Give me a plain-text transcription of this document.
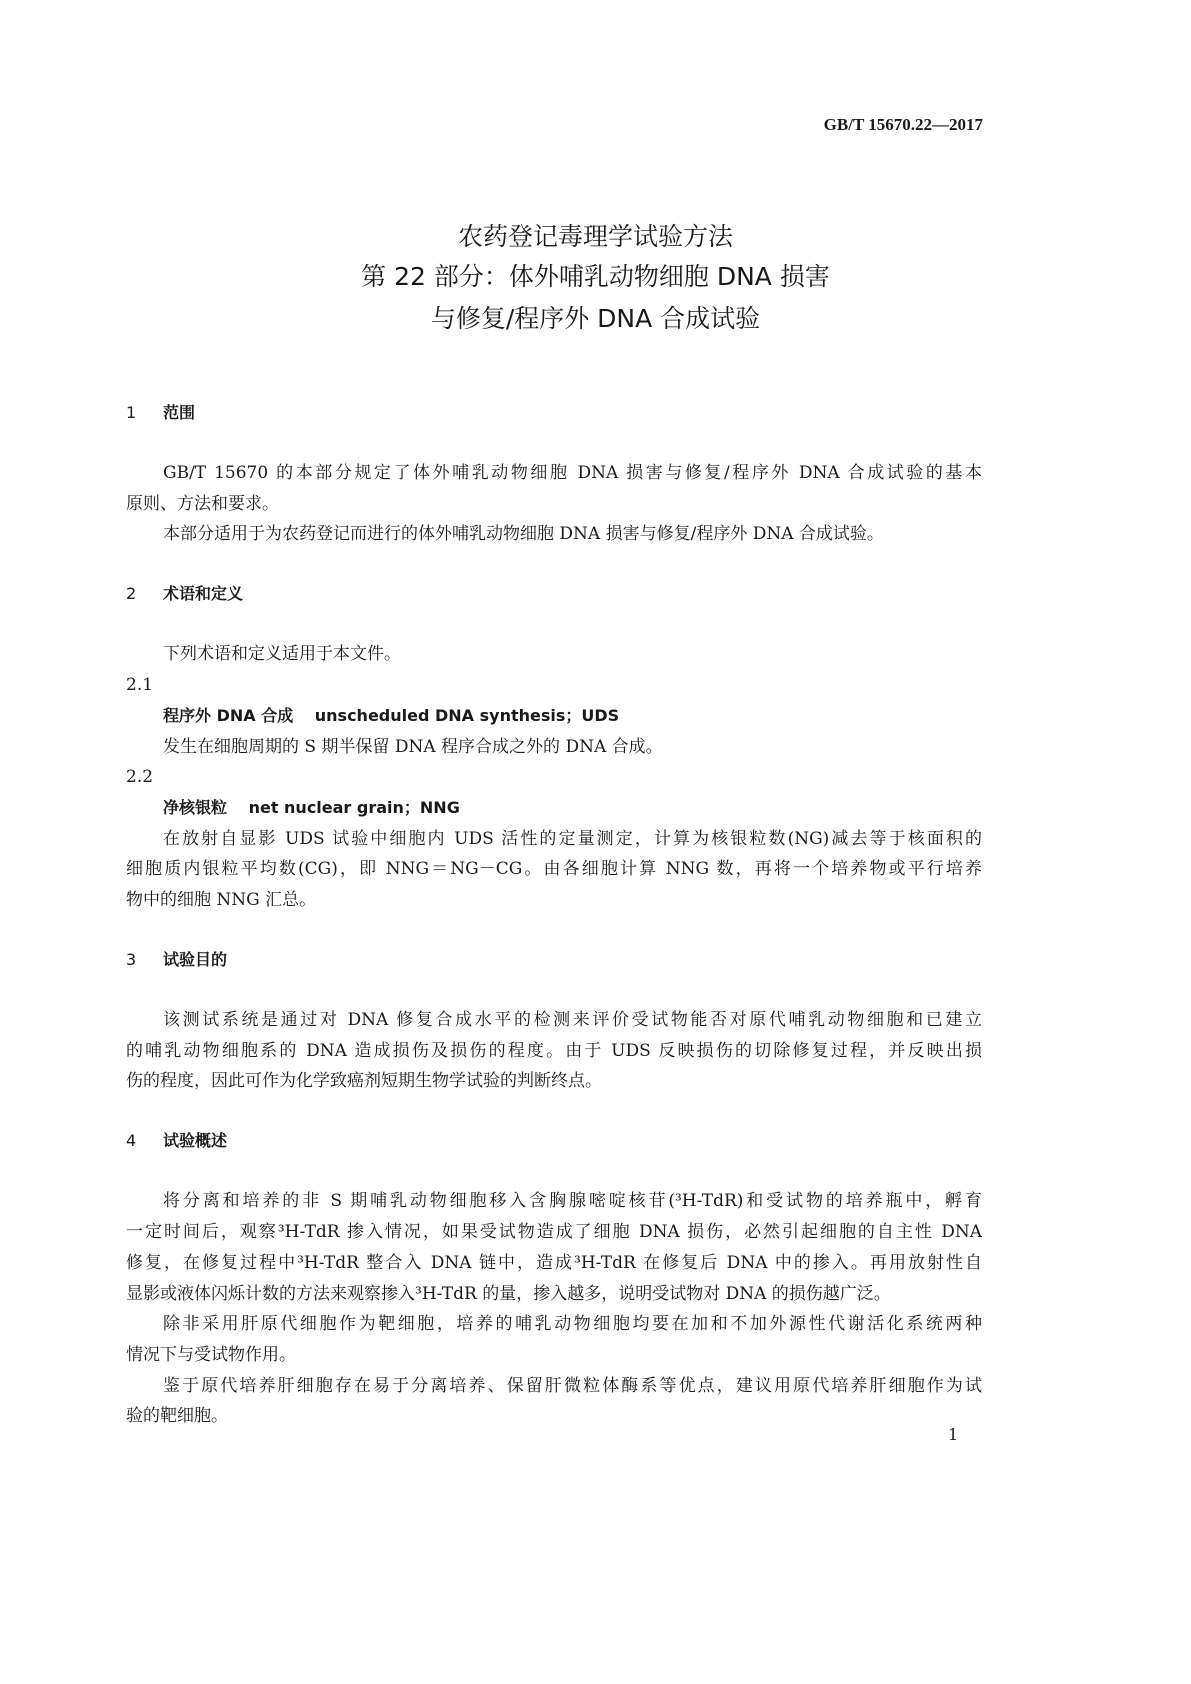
GB/T 15670.22—2017
农药登记毒理学试验方法
第 22 部分：体外哺乳动物细胞 DNA 损害
与修复/程序外 DNA 合成试验
1 范围
GB/T 15670 的本部分规定了体外哺乳动物细胞 DNA 损害与修复/程序外 DNA 合成试验的基本
原则、方法和要求。
本部分适用于为农药登记而进行的体外哺乳动物细胞 DNA 损害与修复/程序外 DNA 合成试验。
2 术语和定义
下列术语和定义适用于本文件。
2.1
程序外 DNA 合成　 unscheduled DNA synthesis；UDS
发生在细胞周期的 S 期半保留 DNA 程序合成之外的 DNA 合成。
2.2
净核银粒　 net nuclear grain；NNG
在放射自显影 UDS 试验中细胞内 UDS 活性的定量测定，计算为核银粒数(NG)减去等于核面积的
细胞质内银粒平均数(CG)，即 NNG＝NG－CG。由各细胞计算 NNG 数，再将一个培养物或平行培养
物中的细胞 NNG 汇总。
3 试验目的
该测试系统是通过对 DNA 修复合成水平的检测来评价受试物能否对原代哺乳动物细胞和已建立
的哺乳动物细胞系的 DNA 造成损伤及损伤的程度。由于 UDS 反映损伤的切除修复过程，并反映出损
伤的程度，因此可作为化学致癌剂短期生物学试验的判断终点。
4 试验概述
将分离和培养的非 S 期哺乳动物细胞移入含胸腺嘧啶核苷(³H-TdR)和受试物的培养瓶中，孵育
一定时间后，观察³H-TdR 掺入情况，如果受试物造成了细胞 DNA 损伤，必然引起细胞的自主性 DNA
修复，在修复过程中³H-TdR 整合入 DNA 链中，造成³H-TdR 在修复后 DNA 中的掺入。再用放射性自
显影或液体闪烁计数的方法来观察掺入³H-TdR 的量，掺入越多，说明受试物对 DNA 的损伤越广泛。
除非采用肝原代细胞作为靶细胞，培养的哺乳动物细胞均要在加和不加外源性代谢活化系统两种
情况下与受试物作用。
鉴于原代培养肝细胞存在易于分离培养、保留肝微粒体酶系等优点，建议用原代培养肝细胞作为试
验的靶细胞。
1
